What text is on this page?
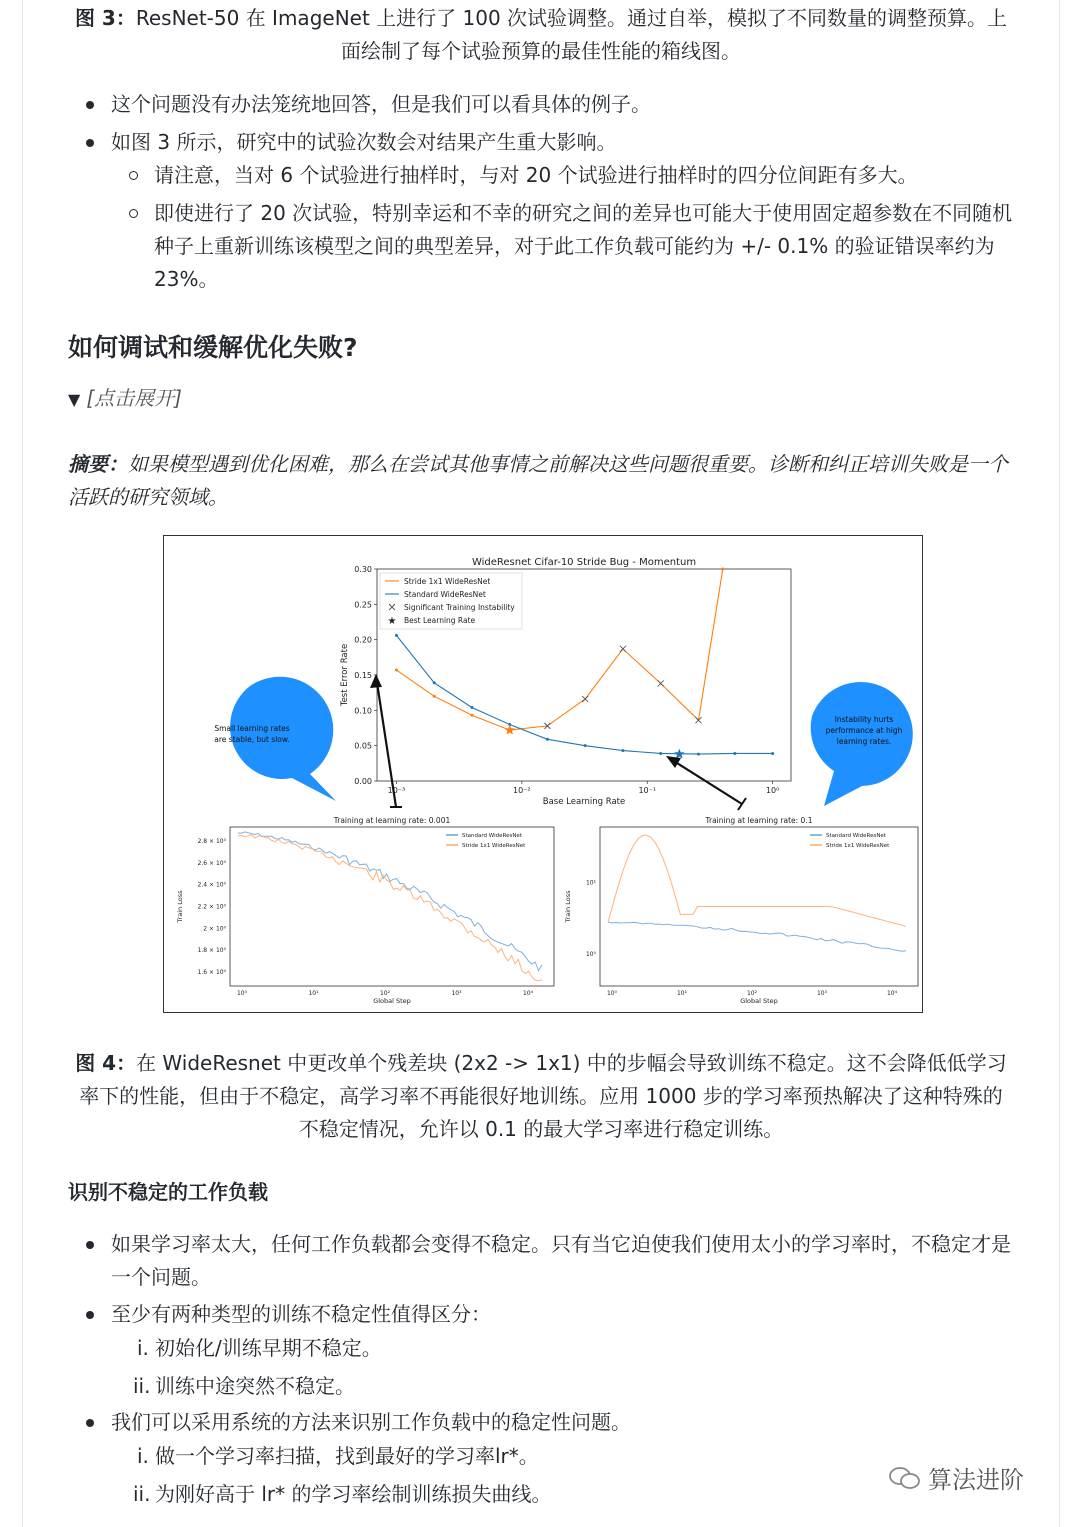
图 3：ResNet-50 在 ImageNet 上进行了 100 次试验调整。通过自举，模拟了不同数量的调整预算。上面绘制了每个试验预算的最佳性能的箱线图。

这个问题没有办法笼统地回答，但是我们可以看具体的例子。
如图 3 所示，研究中的试验次数会对结果产生重大影响。
请注意，当对 6 个试验进行抽样时，与对 20 个试验进行抽样时的四分位间距有多大。
即使进行了 20 次试验，特别幸运和不幸的研究之间的差异也可能大于使用固定超参数在不同随机种子上重新训练该模型之间的典型差异，对于此工作负载可能约为 +/- 0.1% 的验证错误率约为 23%。
如何调试和缓解优化失败?
▼ [点击展开]
摘要：如果模型遇到优化困难，那么在尝试其他事情之前解决这些问题很重要。诊断和纠正培训失败是一个活跃的研究领域。
WideResnet Cifar-10 Stride Bug - Momentum
0.00
0.05
0.10
0.15
0.20
0.25
0.30
10⁻³	10⁻²	10⁻¹	10⁰
Base Learning Rate
Test Error Rate
Stride 1x1 WideResNet
Standard WideResNet
Significant Training Instability
★ Best Learning Rate
Small learning rates
are stable, but slow.
Instability hurts
performance at high
learning rates.
Training at learning rate: 0.001
10⁰	10¹	10²	10³	10⁴
Global Step
Train Loss
2.8 × 10⁰
2.6 × 10⁰
2.4 × 10⁰
2.2 × 10⁰
2 × 10⁰
1.8 × 10⁰
1.6 × 10⁰
Standard WideResNet
Stride 1x1 WideResNet
Training at learning rate: 0.1
10⁰	10¹	10²	10³	10⁴
Global Step
Train Loss
10¹
10⁰
Standard WideResNet
Stride 1x1 WideResNet

图 4：在 WideResnet 中更改单个残差块 (2x2 -> 1x1) 中的步幅会导致训练不稳定。这不会降低低学习率下的性能，但由于不稳定，高学习率不再能很好地训练。应用 1000 步的学习率预热解决了这种特殊的不稳定情况，允许以 0.1 的最大学习率进行稳定训练。

识别不稳定的工作负载
如果学习率太大，任何工作负载都会变得不稳定。只有当它迫使我们使用太小的学习率时，不稳定才是一个问题。
至少有两种类型的训练不稳定性值得区分：
i. 初始化/训练早期不稳定。
ii. 训练中途突然不稳定。
我们可以采用系统的方法来识别工作负载中的稳定性问题。
i. 做一个学习率扫描，找到最好的学习率lr*。
ii. 为刚好高于 lr* 的学习率绘制训练损失曲线。	算法进阶
